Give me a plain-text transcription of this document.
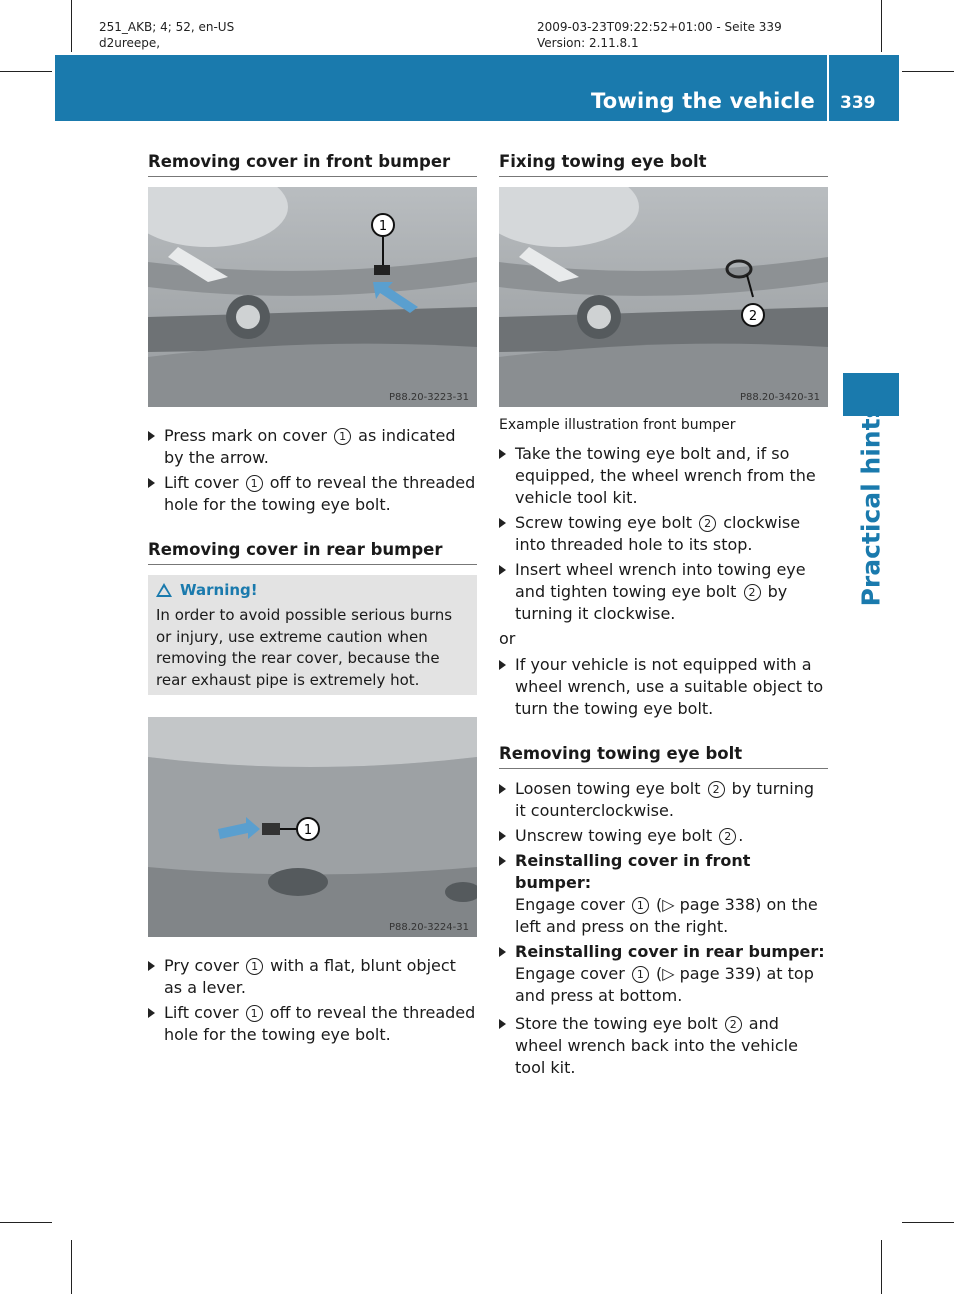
251_AKB; 4; 52, en-US
d2ureepe,
2009-03-23T09:22:52+01:00 - Seite 339
Version: 2.11.8.1
Towing the vehicle 339
Practical hints
Removing cover in front bumper
1
P88.20-3223-31
Press mark on cover 1 as indicated by the arrow.
Lift cover 1 off to reveal the threaded hole for the towing eye bolt.
Removing cover in rear bumper
Warning!
In order to avoid possible serious burns or injury, use extreme caution when removing the rear cover, because the rear exhaust pipe is extremely hot.
1
P88.20-3224-31
Pry cover 1 with a flat, blunt object as a lever.
Lift cover 1 off to reveal the threaded hole for the towing eye bolt.
Fixing towing eye bolt
2
P88.20-3420-31
Example illustration front bumper
Take the towing eye bolt and, if so equipped, the wheel wrench from the vehicle tool kit.
Screw towing eye bolt 2 clockwise into threaded hole to its stop.
Insert wheel wrench into towing eye and tighten towing eye bolt 2 by turning it clockwise.
or
If your vehicle is not equipped with a wheel wrench, use a suitable object to turn the towing eye bolt.
Removing towing eye bolt
Loosen towing eye bolt 2 by turning it counterclockwise.
Unscrew towing eye bolt 2 .
Reinstalling cover in front bumper:
Engage cover 1 (▷ page 338) on the left and press on the right.
Reinstalling cover in rear bumper:
Engage cover 1 (▷ page 339) at top and press at bottom.
Store the towing eye bolt 2 and wheel wrench back into the vehicle tool kit.
